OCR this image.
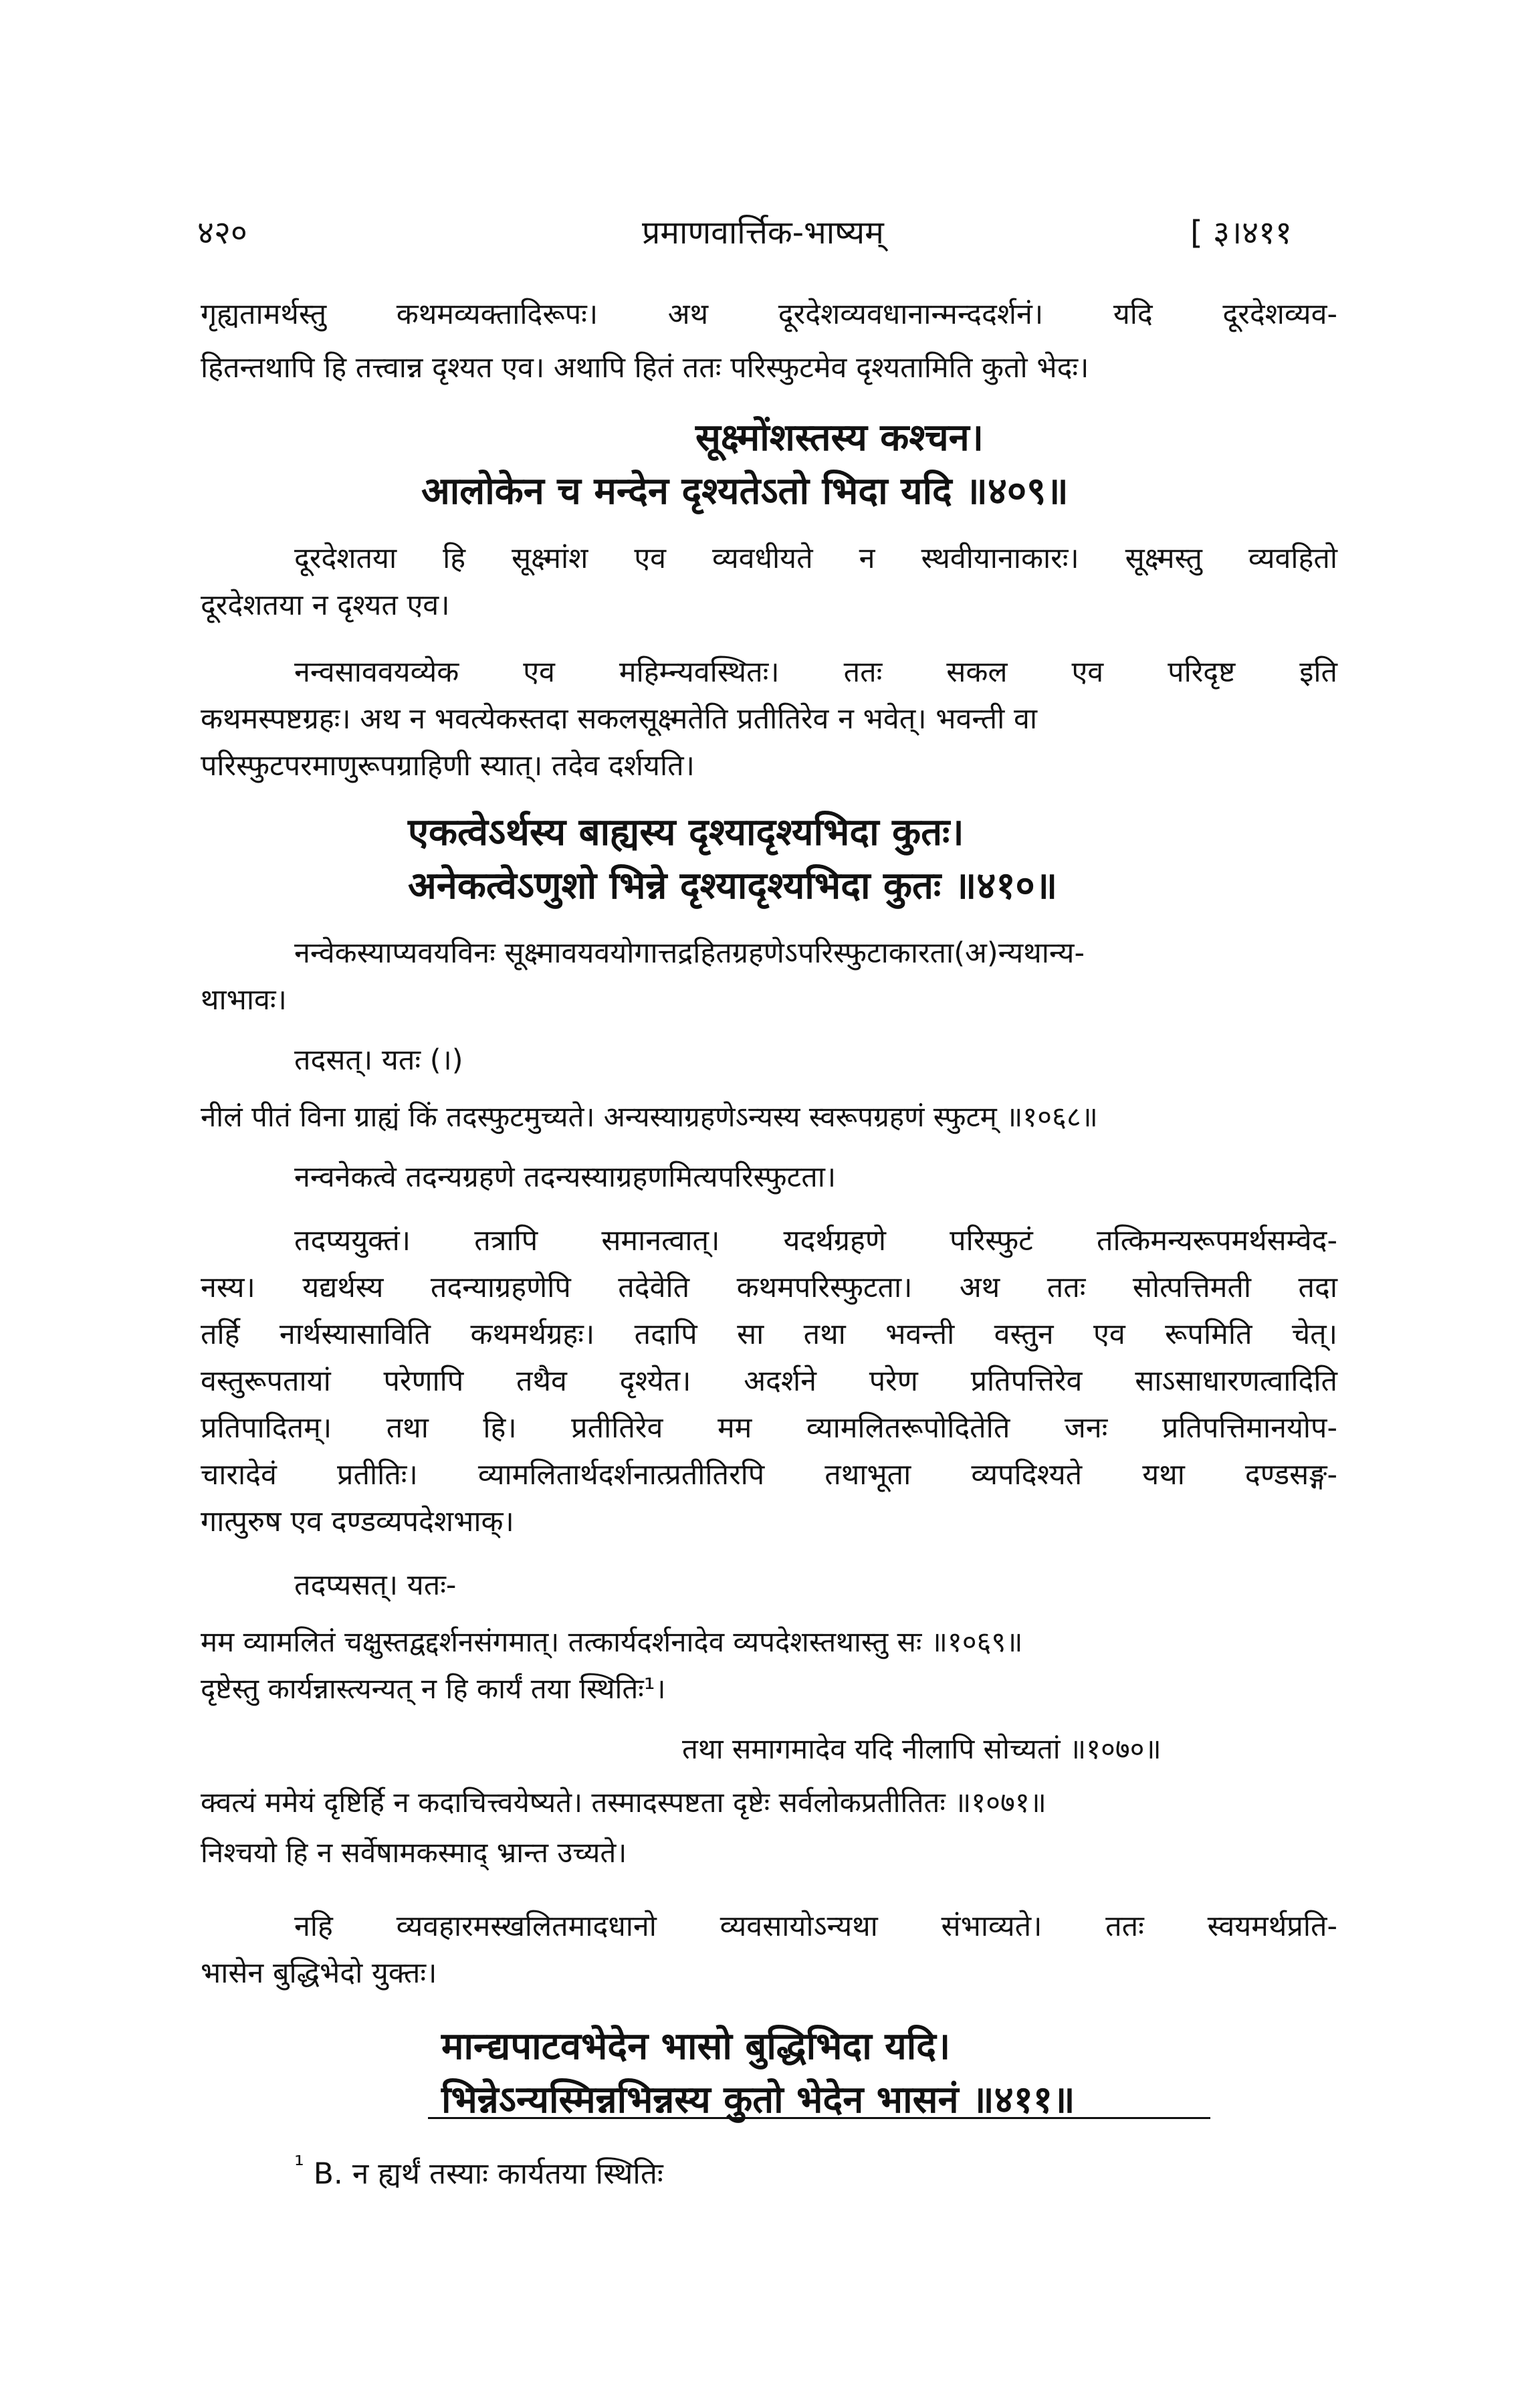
४२०	प्रमाणवार्त्तिक-भाष्यम्	[ ३।४११
गृह्यतामर्थस्तु कथमव्यक्तादिरूपः। अथ दूरदेशव्यवधानान्मन्ददर्शनं। यदि दूरदेशव्यव-
हितन्तथापि हि तत्त्वान्न दृश्यत एव। अथापि हितं ततः परिस्फुटमेव दृश्यतामिति कुतो भेदः।
सूक्ष्मोंशस्तस्य कश्चन।
आलोकेन च मन्देन दृश्यतेऽतो भिदा यदि ॥४०९॥
दूरदेशतया हि सूक्ष्मांश एव व्यवधीयते न स्थवीयानाकारः। सूक्ष्मस्तु व्यवहितो
दूरदेशतया न दृश्यत एव।
नन्वसाववयव्येक एव महिम्न्यवस्थितः। ततः सकल एव परिदृष्ट इति
कथमस्पष्टग्रहः। अथ न भवत्येकस्तदा सकलसूक्ष्मतेति प्रतीतिरेव न भवेत्। भवन्ती वा
परिस्फुटपरमाणुरूपग्राहिणी स्यात्। तदेव दर्शयति।
एकत्वेऽर्थस्य बाह्यस्य दृश्यादृश्यभिदा कुतः।
अनेकत्वेऽणुशो भिन्ने दृश्यादृश्यभिदा कुतः ॥४१०॥
नन्वेकस्याप्यवयविनः सूक्ष्मावयवयोगात्तद्रहितग्रहणेऽपरिस्फुटाकारता(अ)न्यथान्य-
थाभावः।
तदसत्। यतः (।)
नीलं पीतं विना ग्राह्यं किं तदस्फुटमुच्यते। अन्यस्याग्रहणेऽन्यस्य स्वरूपग्रहणं स्फुटम् ॥१०६८॥
नन्वनेकत्वे तदन्यग्रहणे तदन्यस्याग्रहणमित्यपरिस्फुटता।
तदप्ययुक्तं। तत्रापि समानत्वात्। यदर्थग्रहणे परिस्फुटं तत्किमन्यरूपमर्थसम्वेद-
नस्य। यद्यर्थस्य तदन्याग्रहणेपि तदेवेति कथमपरिस्फुटता। अथ ततः सोत्पत्तिमती तदा
तर्हि नार्थस्यासाविति कथमर्थग्रहः। तदापि सा तथा भवन्ती वस्तुन एव रूपमिति चेत्।
वस्तुरूपतायां परेणापि तथैव दृश्येत। अदर्शने परेण प्रतिपत्तिरेव साऽसाधारणत्वादिति
प्रतिपादितम्। तथा हि। प्रतीतिरेव मम व्यामलितरूपोदितेति जनः प्रतिपत्तिमानयोप-
चारादेवं प्रतीतिः। व्यामलितार्थदर्शनात्प्रतीतिरपि तथाभूता व्यपदिश्यते यथा दण्डसङ्ग-
गात्पुरुष एव दण्डव्यपदेशभाक्।
तदप्यसत्। यतः-
मम व्यामलितं चक्षुस्तद्वद्दर्शनसंगमात्। तत्कार्यदर्शनादेव व्यपदेशस्तथास्तु सः ॥१०६९॥
दृष्टेस्तु कार्यन्नास्त्यन्यत् न हि कार्यं तया स्थितिः¹।
तथा समागमादेव यदि नीलापि सोच्यतां ॥१०७०॥
क्वत्यं ममेयं दृष्टिर्हि न कदाचित्त्वयेष्यते। तस्मादस्पष्टता दृष्टेः सर्वलोकप्रतीतितः ॥१०७१॥
निश्चयो हि न सर्वेषामकस्माद् भ्रान्त उच्यते।
नहि व्यवहारमस्खलितमादधानो व्यवसायोऽन्यथा संभाव्यते। ततः स्वयमर्थप्रति-
भासेन बुद्धिभेदो युक्तः।
मान्द्यपाटवभेदेन भासो बुद्धिभिदा यदि।
भिन्नेऽन्यस्मिन्नभिन्नस्य कुतो भेदेन भासनं ॥४११॥
$^{^1}$ B. न ह्यर्थं तस्याः कार्यतया स्थितिः
